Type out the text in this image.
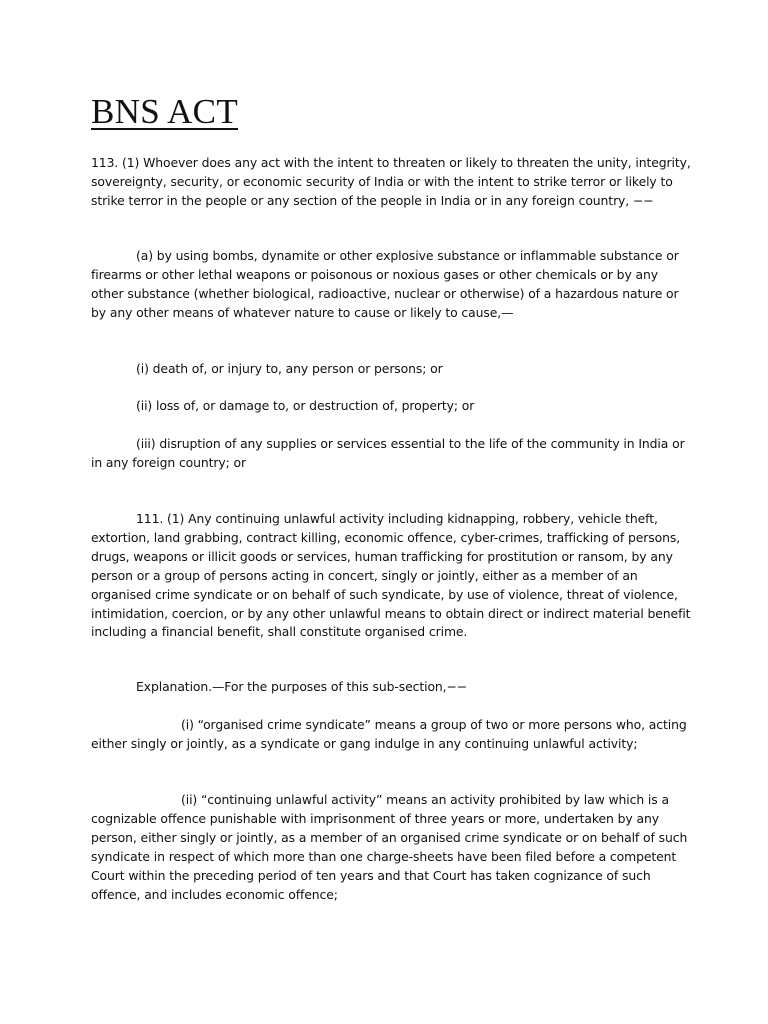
BNS ACT

113. (1) Whoever does any act with the intent to threaten or likely to threaten the unity, integrity, sovereignty, security, or economic security of India or with the intent to strike terror or likely to strike terror in the people or any section of the people in India or in any foreign country, −−

(a) by using bombs, dynamite or other explosive substance or inflammable substance or firearms or other lethal weapons or poisonous or noxious gases or other chemicals or by any other substance (whether biological, radioactive, nuclear or otherwise) of a hazardous nature or by any other means of whatever nature to cause or likely to cause,—

(i) death of, or injury to, any person or persons; or

(ii) loss of, or damage to, or destruction of, property; or

(iii) disruption of any supplies or services essential to the life of the community in India or in any foreign country; or

111. (1) Any continuing unlawful activity including kidnapping, robbery, vehicle theft, extortion, land grabbing, contract killing, economic offence, cyber-crimes, trafficking of persons, drugs, weapons or illicit goods or services, human trafficking for prostitution or ransom, by any person or a group of persons acting in concert, singly or jointly, either as a member of an organised crime syndicate or on behalf of such syndicate, by use of violence, threat of violence, intimidation, coercion, or by any other unlawful means to obtain direct or indirect material benefit including a financial benefit, shall constitute organised crime.

Explanation.—For the purposes of this sub-section,−−

(i) “organised crime syndicate” means a group of two or more persons who, acting either singly or jointly, as a syndicate or gang indulge in any continuing unlawful activity;

(ii) “continuing unlawful activity” means an activity prohibited by law which is a cognizable offence punishable with imprisonment of three years or more, undertaken by any person, either singly or jointly, as a member of an organised crime syndicate or on behalf of such syndicate in respect of which more than one charge-sheets have been filed before a competent Court within the preceding period of ten years and that Court has taken cognizance of such offence, and includes economic offence;
